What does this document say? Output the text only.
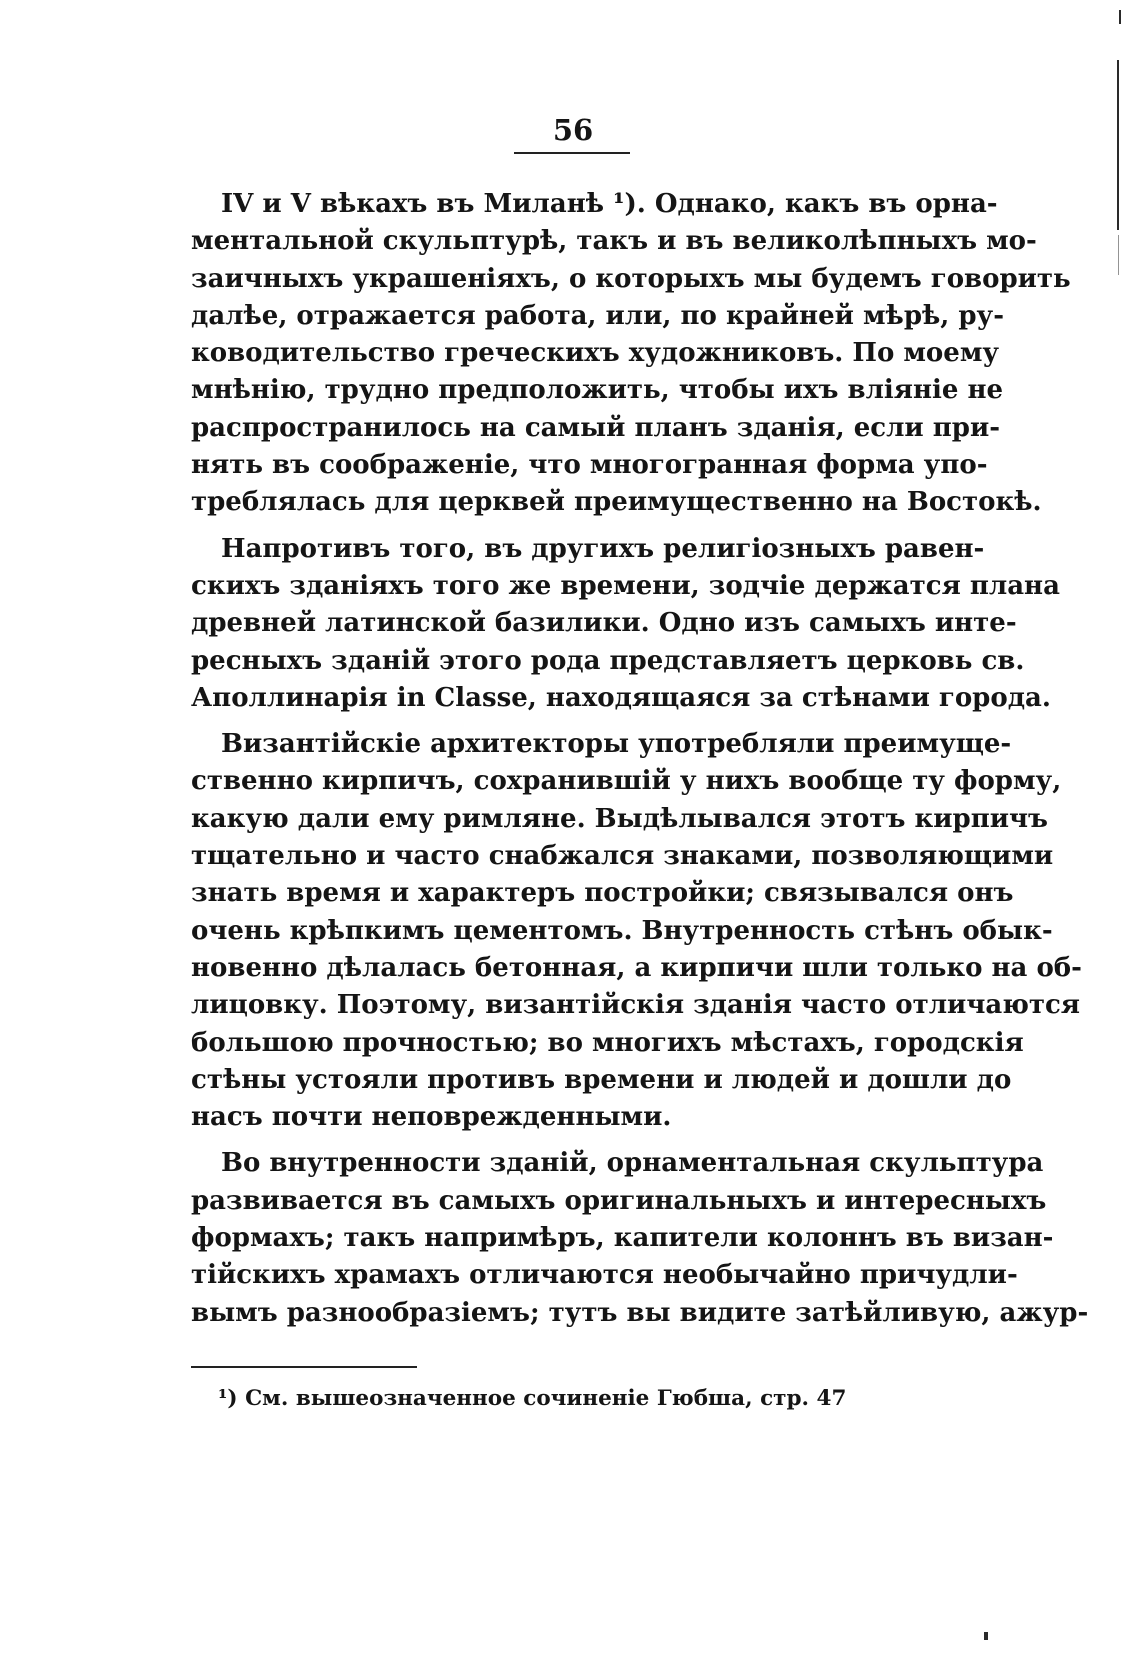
56
IV и V вѣкахъ въ Миланѣ ¹). Однако, какъ въ орна-
ментальной скульптурѣ, такъ и въ великолѣпныхъ мо-
заичныхъ украшеніяхъ, о которыхъ мы будемъ говорить
далѣе, отражается работа, или, по крайней мѣрѣ, ру-
ководительство греческихъ художниковъ. По моему
мнѣнію, трудно предположить, чтобы ихъ вліяніе не
распространилось на самый планъ зданія, если при-
нять въ соображеніе, что многогранная форма упо-
треблялась для церквей преимущественно на Востокѣ.
Напротивъ того, въ другихъ религіозныхъ равен-
скихъ зданіяхъ того же времени, зодчіе держатся плана
древней латинской базилики. Одно изъ самыхъ инте-
ресныхъ зданій этого рода представляетъ церковь св.
Аполлинарія in Classe, находящаяся за стѣнами города.
Византійскіе архитекторы употребляли преимуще-
ственно кирпичъ, сохранившій у нихъ вообще ту форму,
какую дали ему римляне. Выдѣлывался этотъ кирпичъ
тщательно и часто снабжался знаками, позволяющими
знать время и характеръ постройки; связывался онъ
очень крѣпкимъ цементомъ. Внутренность стѣнъ обык-
новенно дѣлалась бетонная, а кирпичи шли только на об-
лицовку. Поэтому, византійскія зданія часто отличаются
большою прочностью; во многихъ мѣстахъ, городскія
стѣны устояли противъ времени и людей и дошли до
насъ почти неповрежденными.
Во внутренности зданій, орнаментальная скульптура
развивается въ самыхъ оригинальныхъ и интересныхъ
формахъ; такъ напримѣръ, капители колоннъ въ визан-
тійскихъ храмахъ отличаются необычайно причудли-
вымъ разнообразіемъ; тутъ вы видите затѣйливую, ажур-
¹) См. вышеозначенное сочиненіе Гюбша, стр. 47
